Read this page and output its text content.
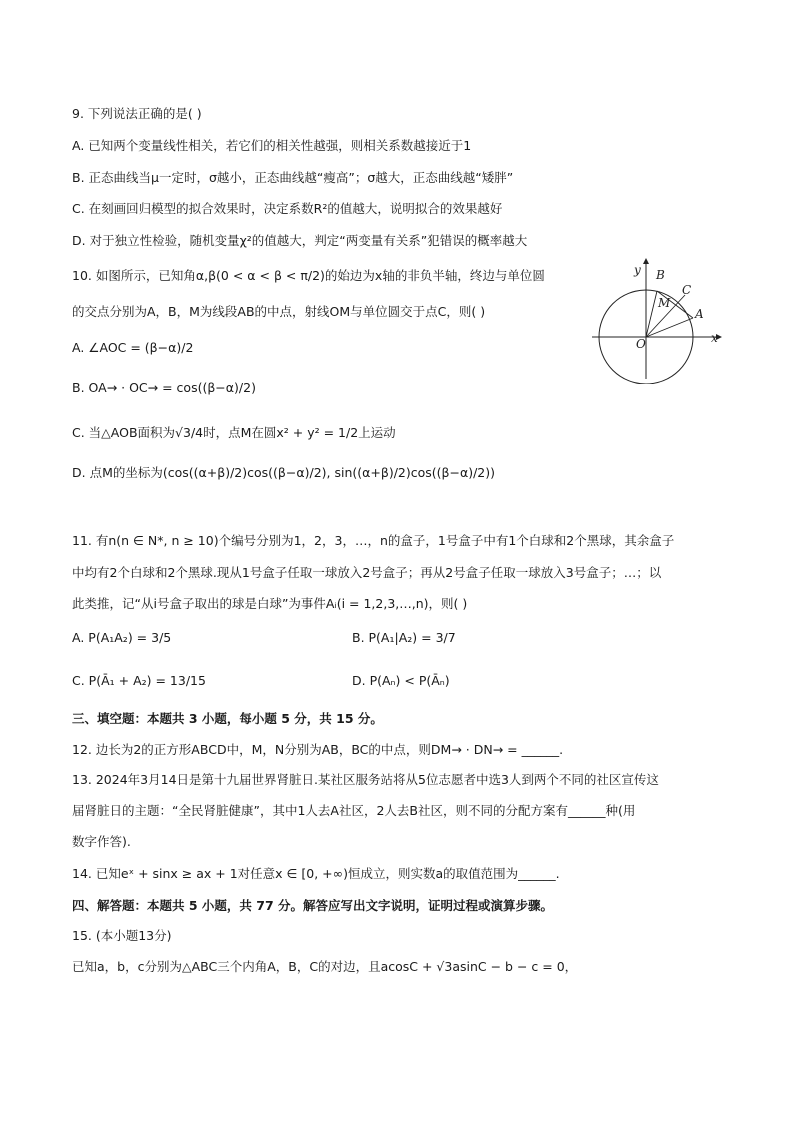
9. 下列说法正确的是( )
A. 已知两个变量线性相关，若它们的相关性越强，则相关系数越接近于1
B. 正态曲线当μ一定时，σ越小，正态曲线越“瘦高”；σ越大，正态曲线越“矮胖”
C. 在刻画回归模型的拟合效果时，决定系数R²的值越大，说明拟合的效果越好
D. 对于独立性检验，随机变量χ²的值越大，判定“两变量有关系”犯错误的概率越大
10. 如图所示，已知角α,β(0 < α < β < π/2)的始边为x轴的非负半轴，终边与单位圆
的交点分别为A，B，M为线段AB的中点，射线OM与单位圆交于点C，则( )
A. ∠AOC = (β−α)/2
B. OA→ · OC→ = cos((β−α)/2)
C. 当△AOB面积为√3/4时，点M在圆x² + y² = 1/2上运动
D. 点M的坐标为(cos((α+β)/2)cos((β−α)/2), sin((α+β)/2)cos((β−α)/2))
y
x
O
A
B
C
M
11. 有n(n ∈ N*, n ≥ 10)个编号分别为1，2，3，…，n的盒子，1号盒子中有1个白球和2个黑球，其余盒子
中均有2个白球和2个黑球.现从1号盒子任取一球放入2号盒子；再从2号盒子任取一球放入3号盒子；…；以
此类推，记“从i号盒子取出的球是白球”为事件Aᵢ(i = 1,2,3,…,n)，则( )
A. P(A₁A₂) = 3/5	B. P(A₁|A₂) = 3/7
C. P(Ā₁ + A₂) = 13/15	D. P(Aₙ) < P(Āₙ)
三、填空题：本题共 3 小题，每小题 5 分，共 15 分。
12. 边长为2的正方形ABCD中，M，N分别为AB，BC的中点，则DM→ · DN→ = ______.
13. 2024年3月14日是第十九届世界肾脏日.某社区服务站将从5位志愿者中选3人到两个不同的社区宣传这
届肾脏日的主题：“全民肾脏健康”，其中1人去A社区，2人去B社区，则不同的分配方案有______种(用
数字作答).
14. 已知eˣ + sinx ≥ ax + 1对任意x ∈ [0, +∞)恒成立，则实数a的取值范围为______.
四、解答题：本题共 5 小题，共 77 分。解答应写出文字说明，证明过程或演算步骤。
15. (本小题13分)
已知a，b，c分别为△ABC三个内角A，B，C的对边，且acosC + √3asinC − b − c = 0，
